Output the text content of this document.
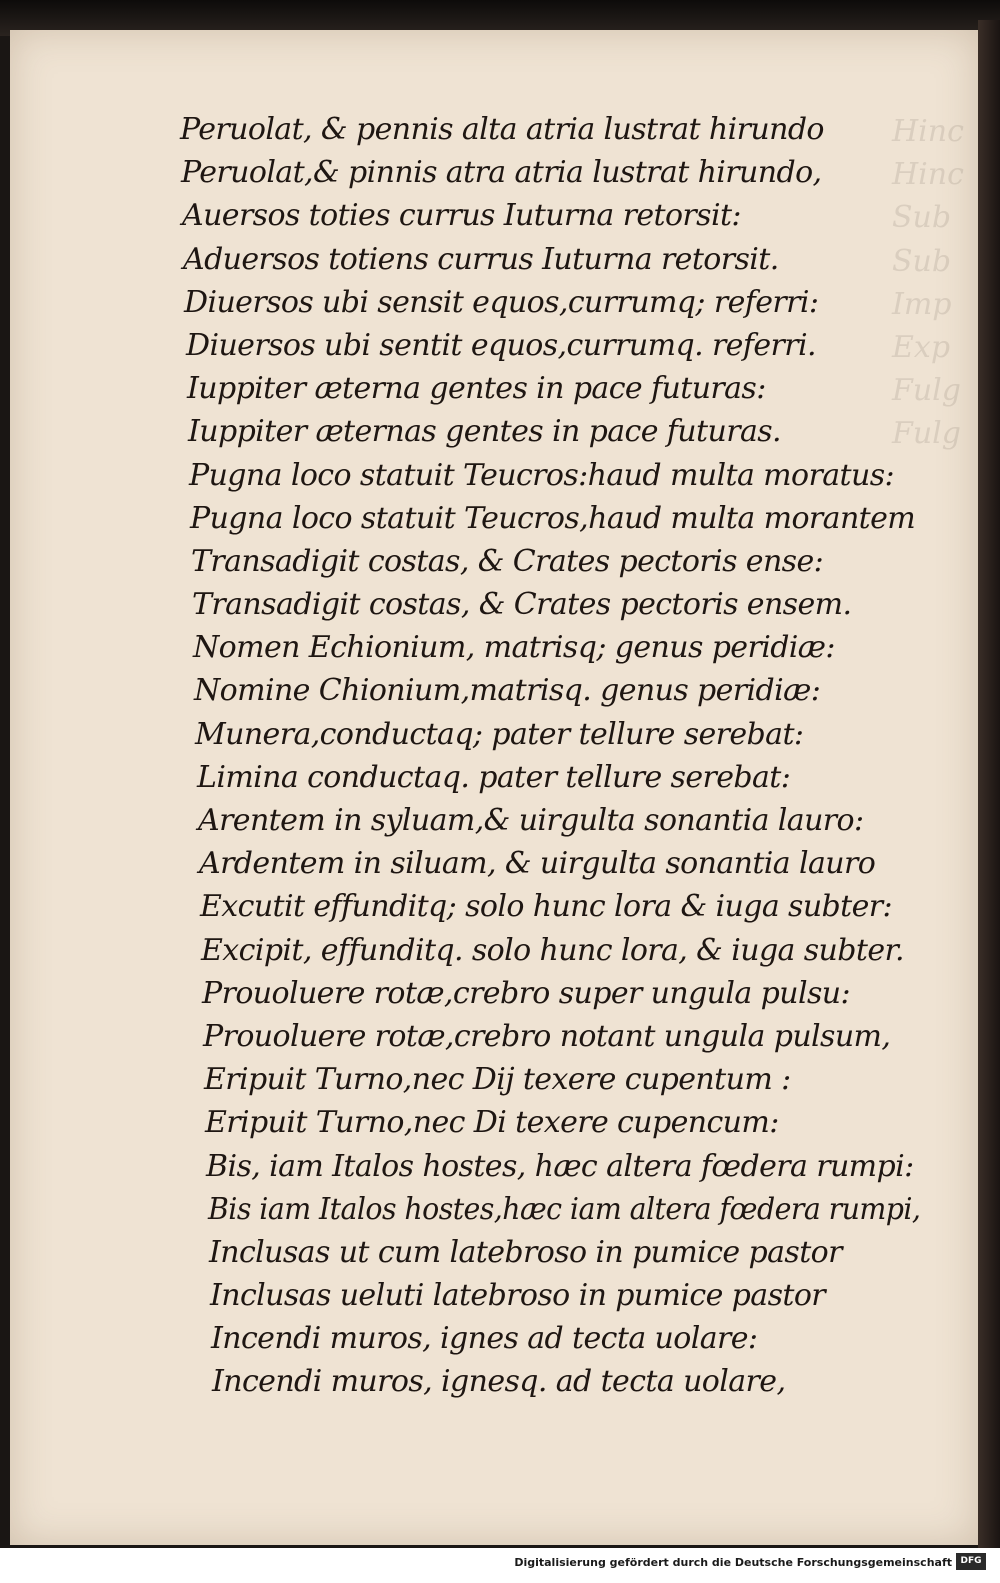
Hinc
Hinc
Sub
Sub
Imp
Exp
Fulg
Fulg
Peruolat, & pennis alta atria lustrat hirundo
Peruolat,& pinnis atra atria lustrat hirundo,
Auersos toties currus Iuturna retorsit:
Aduersos totiens currus Iuturna retorsit.
Diuersos ubi sensit equos,currumq; referri:
Diuersos ubi sentit equos,currumq. referri.
Iuppiter æterna gentes in pace futuras:
Iuppiter æternas gentes in pace futuras.
Pugna loco statuit Teucros:haud multa moratus:
Pugna loco statuit Teucros,haud multa morantem
Transadigit costas, & Crates pectoris ense:
Transadigit costas, & Crates pectoris ensem.
Nomen Echionium, matrisq; genus peridiæ:
Nomine Chionium,matrisq. genus peridiæ:
Munera,conductaq; pater tellure serebat:
Limina conductaq. pater tellure serebat:
Arentem in syluam,& uirgulta sonantia lauro:
Ardentem in siluam, & uirgulta sonantia lauro
Excutit effunditq; solo hunc lora & iuga subter:
Excipit, effunditq. solo hunc lora, & iuga subter.
Prouoluere rotæ,crebro super ungula pulsu:
Prouoluere rotæ,crebro notant ungula pulsum,
Eripuit Turno,nec Dij texere cupentum :
Eripuit Turno,nec Di texere cupencum:
Bis, iam Italos hostes, hæc altera fœdera rumpi:
Bis iam Italos hostes,hæc iam altera fœdera rumpi,
Inclusas ut cum latebroso in pumice pastor
Inclusas ueluti latebroso in pumice pastor
Incendi muros, ignes ad tecta uolare:
Incendi muros, ignesq. ad tecta uolare,
Digitalisierung gefördert durch die Deutsche Forschungsgemeinschaft DFG
